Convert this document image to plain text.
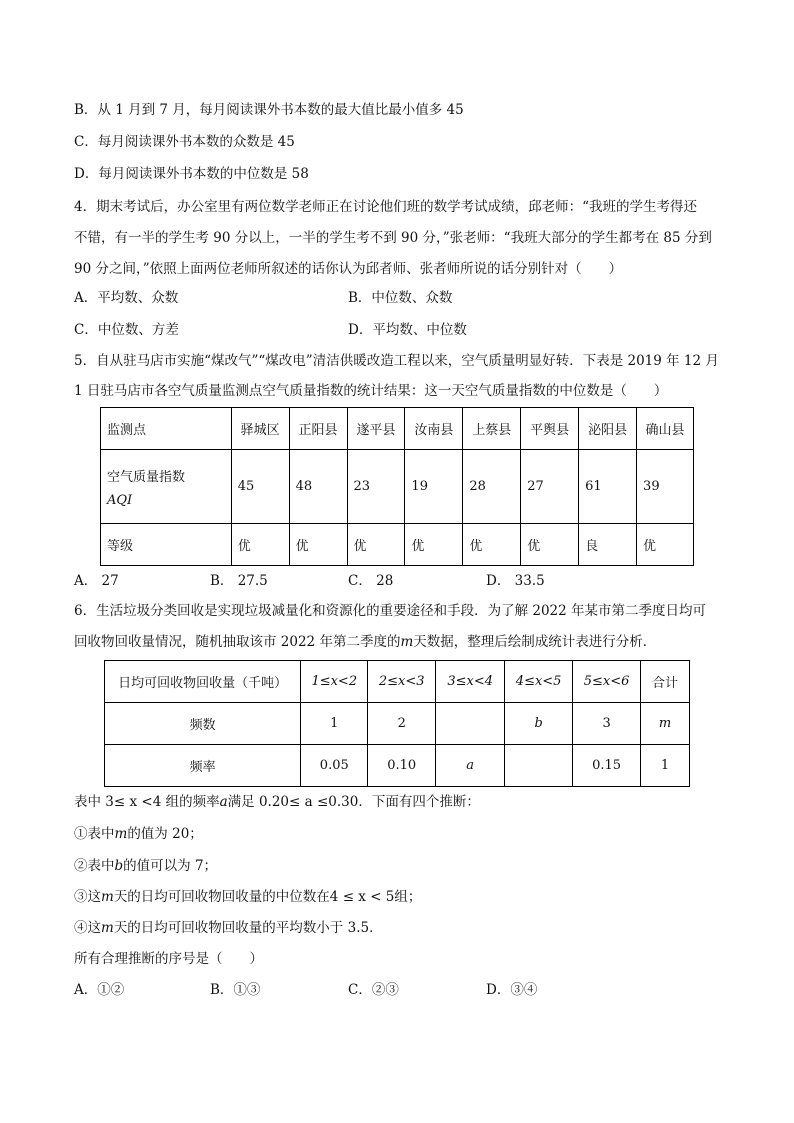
B．从 1 月到 7 月，每月阅读课外书本数的最大值比最小值多 45
C．每月阅读课外书本数的众数是 45
D．每月阅读课外书本数的中位数是 58
4．期末考试后，办公室里有两位数学老师正在讨论他们班的数学考试成绩，邱老师：“我班的学生考得还
不错，有一半的学生考 90 分以上，一半的学生考不到 90 分，”张老师：“我班大部分的学生都考在 85 分到
90 分之间，”依照上面两位老师所叙述的话你认为邱者师、张者师所说的话分别针对（　　）
A．平均数、众数	B．中位数、众数
C．中位数、方差	D．平均数、中位数
5．自从驻马店市实施“煤改气”“煤改电”清洁供暖改造工程以来，空气质量明显好转．下表是 2019 年 12 月
1 日驻马店市各空气质量监测点空气质量指数的统计结果：这一天空气质量指数的中位数是（　　）
监测点	驿城区	正阳县	遂平县	汝南县	上蔡县	平舆县	泌阳县	确山县

空气质量指数
AQI	45	48	23	19	28	27	61	39
等级	优	优	优	优	优	优	良	优
A． 27	B． 27.5	C． 28	D． 33.5
6．生活垃圾分类回收是实现垃圾减量化和资源化的重要途径和手段．为了解 2022 年某市第二季度日均可
回收物回收量情况，随机抽取该市 2022 年第二季度的m天数据，整理后绘制成统计表进行分析．
日均可回收物回收量（千吨）	1≤x<2	2≤x<3	3≤x<4	4≤x<5	5≤x<6	合计
频数	1	2		b	3	m
频率	0.05	0.10	a		0.15	1
表中 3≤ x <4 组的频率a满足 0.20≤ a ≤0.30．下面有四个推断：
①表中m的值为 20；
②表中b的值可以为 7；
③这m天的日均可回收物回收量的中位数在4 ≤ x < 5组；
④这m天的日均可回收物回收量的平均数小于 3.5．
所有合理推断的序号是（　　）
A．①②	B．①③	C．②③	D．③④
